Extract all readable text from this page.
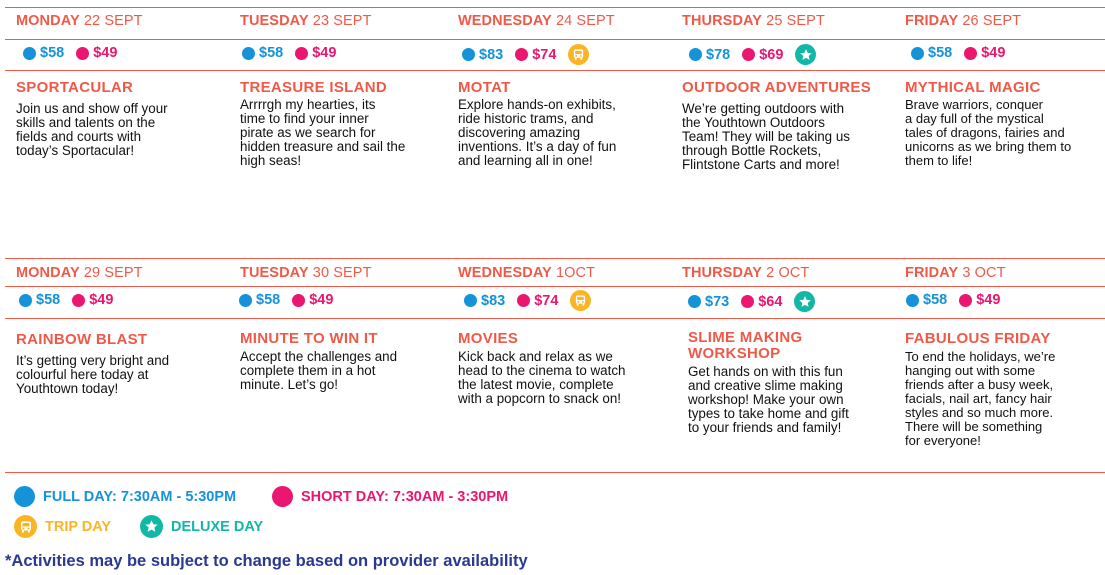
MONDAY 22 SEPT
$58 $49
SPORTACULAR
Join us and show off your
skills and talents on the
fields and courts with
today’s Sportacular!
TUESDAY 23 SEPT
$58 $49
TREASURE ISLAND
Arrrrgh my hearties, its
time to find your inner
pirate as we search for
hidden treasure and sail the
high seas!
WEDNESDAY 24 SEPT
$83 $74
MOTAT
Explore hands-on exhibits,
ride historic trams, and
discovering amazing
inventions. It’s a day of fun
and learning all in one!
THURSDAY 25 SEPT
$78 $69
OUTDOOR ADVENTURES
We’re getting outdoors with
the Youthtown Outdoors
Team! They will be taking us
through Bottle Rockets,
Flintstone Carts and more!
FRIDAY 26 SEPT
$58 $49
MYTHICAL MAGIC
Brave warriors, conquer
a day full of the mystical
tales of dragons, fairies and
unicorns as we bring them to
them to life!
MONDAY 29 SEPT
$58 $49
RAINBOW BLAST
It’s getting very bright and
colourful here today at
Youthtown today!
TUESDAY 30 SEPT
$58 $49
MINUTE TO WIN IT
Accept the challenges and
complete them in a hot
minute. Let’s go!
WEDNESDAY 1OCT
$83 $74
MOVIES
Kick back and relax as we
head to the cinema to watch
the latest movie, complete
with a popcorn to snack on!
THURSDAY 2 OCT
$73 $64
SLIME MAKING
WORKSHOP
Get hands on with this fun
and creative slime making
workshop! Make your own
types to take home and gift
to your friends and family!
FRIDAY 3 OCT
$58 $49
FABULOUS FRIDAY
To end the holidays, we’re
hanging out with some
friends after a busy week,
facials, nail art, fancy hair
styles and so much more.
There will be something
for everyone!
FULL DAY: 7:30AM - 5:30PM	SHORT DAY: 7:30AM - 3:30PM
TRIP DAY	DELUXE DAY
*Activities may be subject to change based on provider availability
